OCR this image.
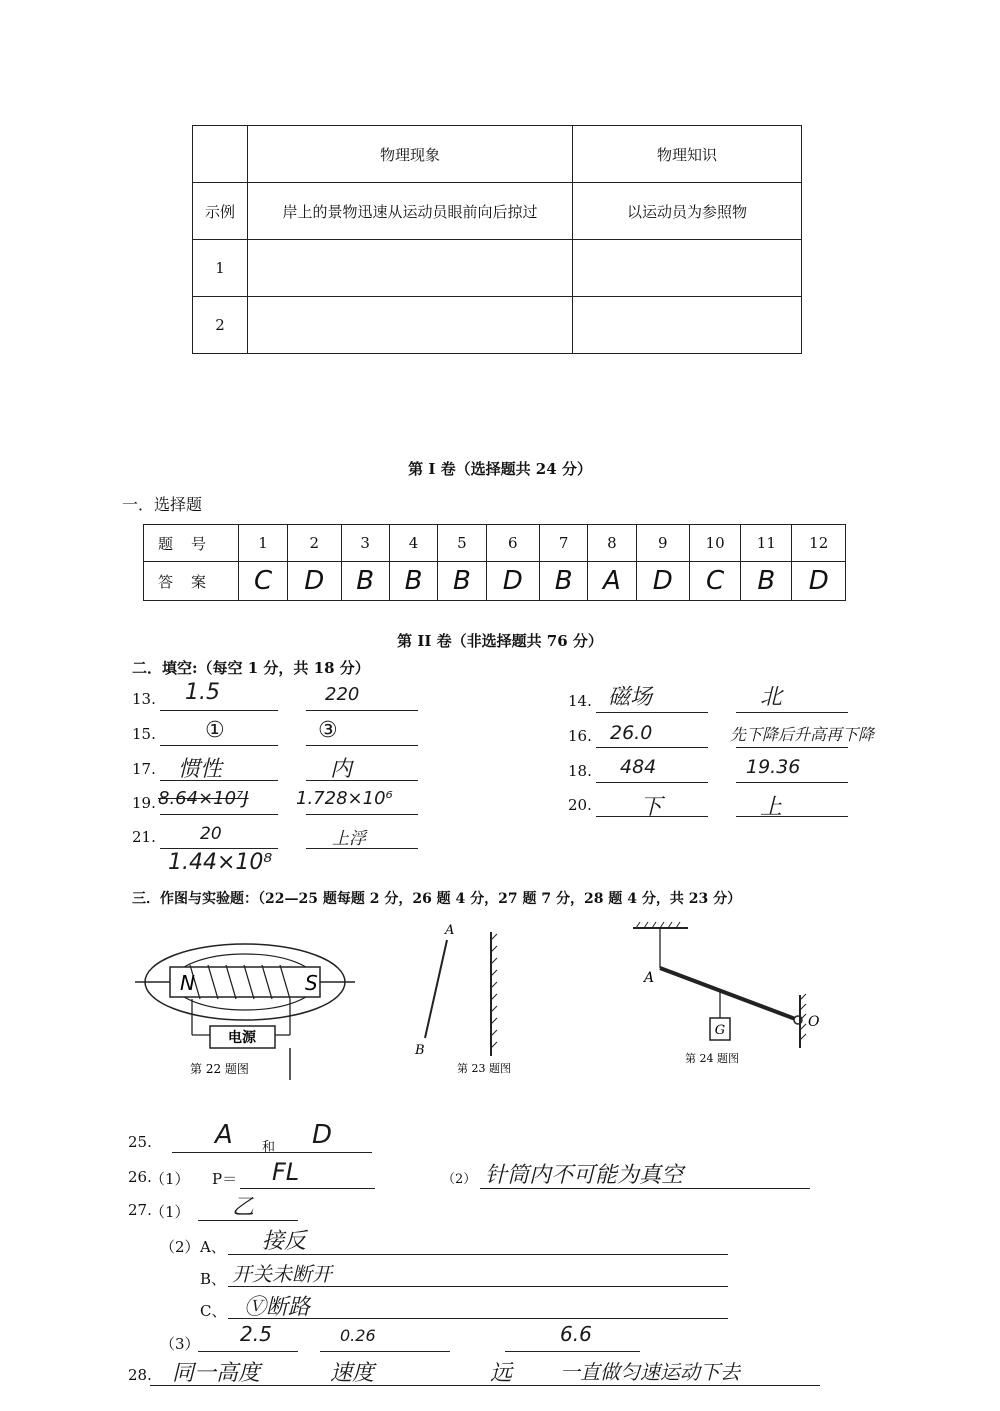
	物理现象	物理知识
示例	岸上的景物迅速从运动员眼前向后掠过	以运动员为参照物
1		
2		
第 I 卷（选择题共 24 分）
一．选择题
题号	1	2	3	4	5	6	7	8	9	10	11	12
答案	C	D	B	B	B	D	B	A	D	C	B	D
第 II 卷（非选择题共 76 分）
二．填空:（每空 1 分，共 18 分）
13. 1.5	220
15. ①	③
17. 惯性	内
19. 8.64×10⁷J	1.728×10⁶
21.	20	上浮
1.44×10⁸
14. 磁场	北
16. 26.0	先下降后升高再下降
18. 484	19.36
20. 下	上
三．作图与实验题：（22—25 题每题 2 分，26 题 4 分，27 题 7 分，28 题 4 分，共 23 分）
电源
N	S
第 22 题图
A
B
第 23 题图
A
O
G
第 24 题图
25. A 和 D
26.
（1） P＝ FL	（2） 针筒内不可能为真空
27.
（1） 乙
（2） A、 接反
B、 开关未断开
C、 Ⓥ断路
（3） 2.5	0.26	6.6
28. 同一高度	速度	远 一直做匀速运动下去
